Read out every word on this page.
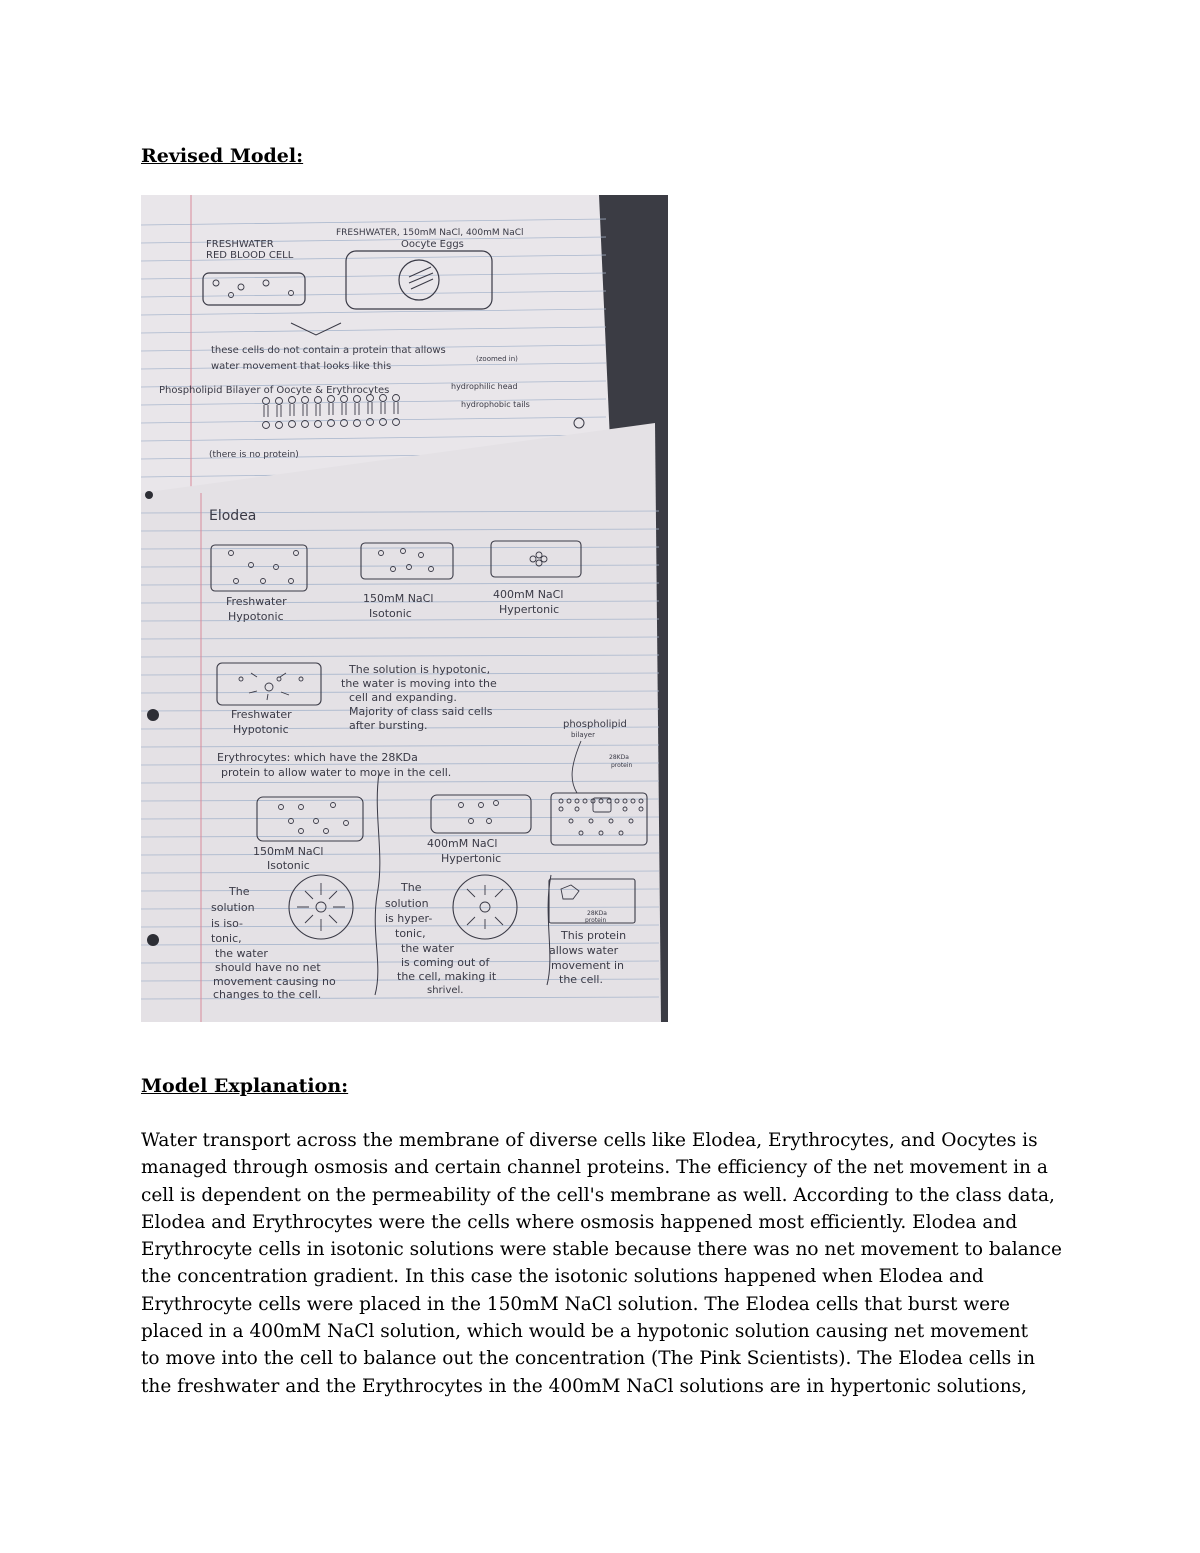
Revised Model:
FRESHWATER
RED BLOOD CELL
FRESHWATER, 150mM NaCl, 400mM NaCl
Oocyte Eggs
these cells do not contain a protein that allows
water movement that looks like this
(zoomed in)
Phospholipid Bilayer of Oocyte & Erythrocytes	hydrophilic head
hydrophobic tails
(there is no protein)
Elodea
Freshwater
Hypotonic
150mM NaCl
Isotonic
400mM NaCl
Hypertonic
Freshwater
Hypotonic
The solution is hypotonic,
the water is moving into the
cell and expanding.
Majority of class said cells
after bursting.	phospholipid
bilayer
Erythrocytes: which have the 28KDa
protein to allow water to move in the cell.
28KDa
protein
150mM NaCl
Isotonic
400mM NaCl
Hypertonic
28KDa
protein
The
solution
is iso-
tonic,
the water
should have no net
movement causing no
changes to the cell.
The
solution
is hyper-
tonic,
the water
is coming out of
the cell, making it
shrivel.
This protein
allows water
movement in
the cell.
Model Explanation:

Water transport across the membrane of diverse cells like Elodea, Erythrocytes, and Oocytes is
managed through osmosis and certain channel proteins. The efficiency of the net movement in a
cell is dependent on the permeability of the cell's membrane as well. According to the class data,
Elodea and Erythrocytes were the cells where osmosis happened most efficiently. Elodea and
Erythrocyte cells in isotonic solutions were stable because there was no net movement to balance
the concentration gradient. In this case the isotonic solutions happened when Elodea and
Erythrocyte cells were placed in the 150mM NaCl solution. The Elodea cells that burst were
placed in a 400mM NaCl solution, which would be a hypotonic solution causing net movement
to move into the cell to balance out the concentration (The Pink Scientists). The Elodea cells in
the freshwater and the Erythrocytes in the 400mM NaCl solutions are in hypertonic solutions,
